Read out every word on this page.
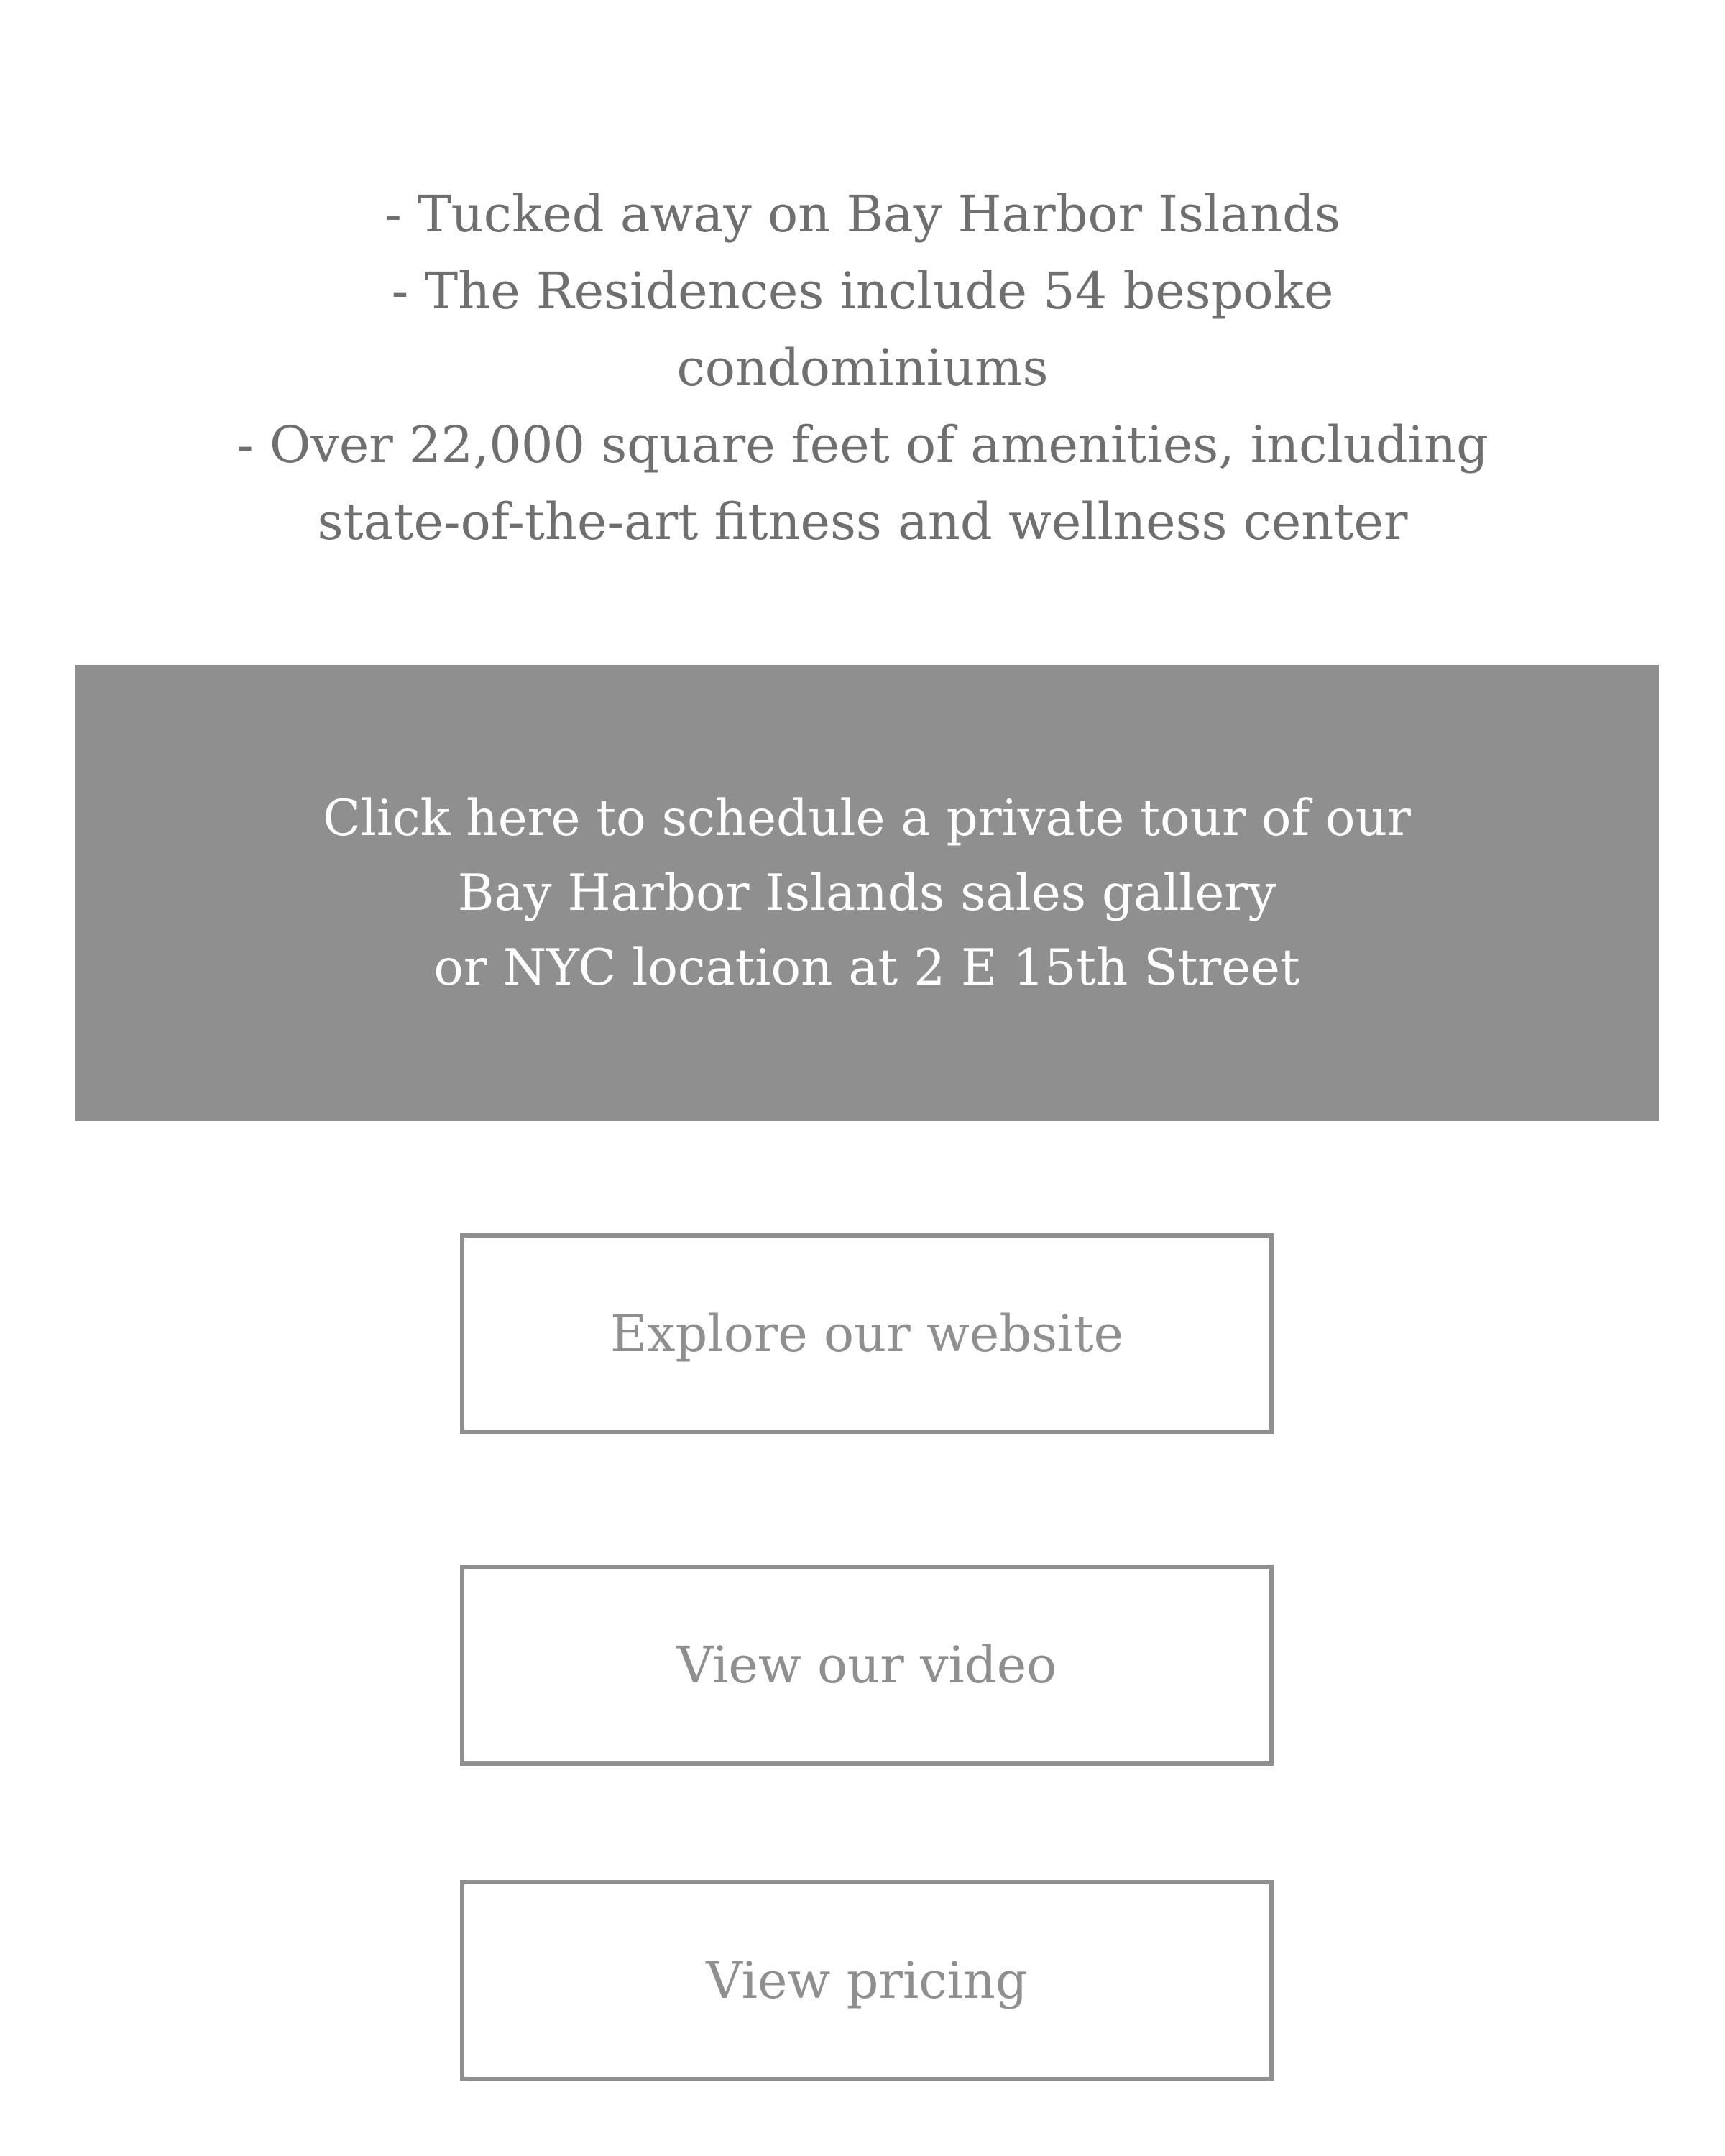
- Tucked away on Bay Harbor Islands
- The Residences include 54 bespoke
condominiums
- Over 22,000 square feet of amenities, including
state-of-the-art fitness and wellness center
Click here to schedule a private tour of our
Bay Harbor Islands sales gallery
or NYC location at 2 E 15th Street
Explore our website
View our video
View pricing
